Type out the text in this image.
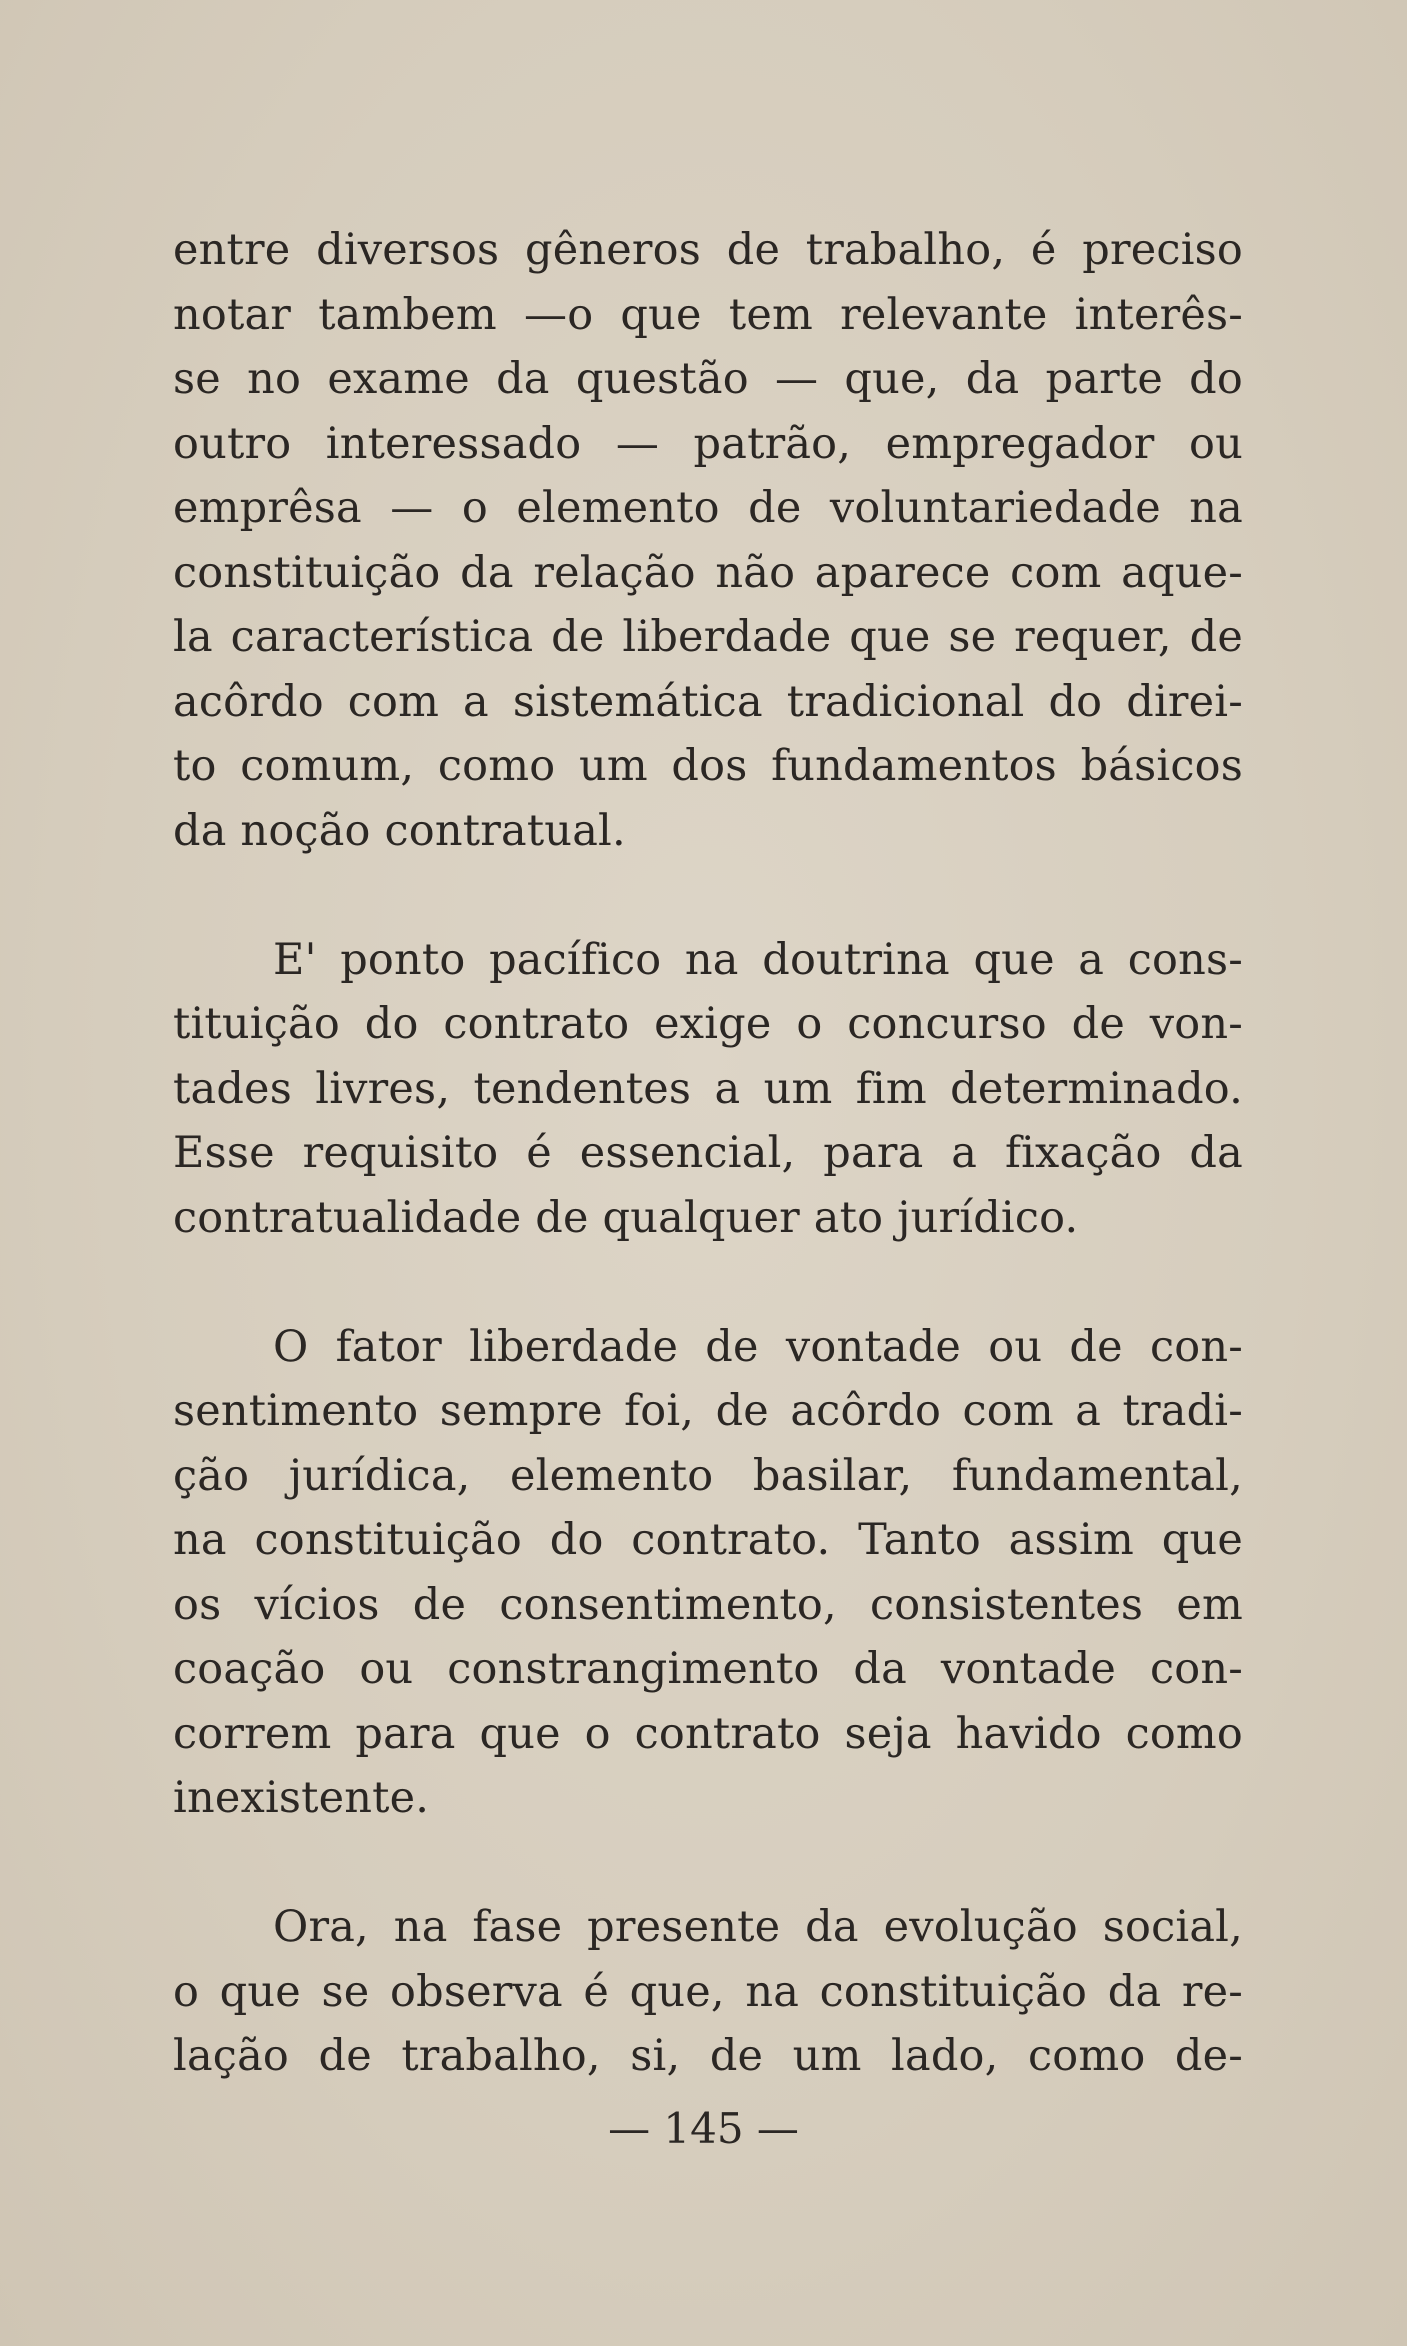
entre diversos gêneros de trabalho, é preciso
notar tambem —o que tem relevante interês-
se no exame da questão — que, da parte do
outro interessado — patrão, empregador ou
emprêsa — o elemento de voluntariedade na
constituição da relação não aparece com aque-
la característica de liberdade que se requer, de
acôrdo com a sistemática tradicional do direi-
to comum, como um dos fundamentos básicos
da noção contratual.

E' ponto pacífico na doutrina que a cons-
tituição do contrato exige o concurso de von-
tades livres, tendentes a um fim determinado.
Esse requisito é essencial, para a fixação da
contratualidade de qualquer ato jurídico.

O fator liberdade de vontade ou de con-
sentimento sempre foi, de acôrdo com a tradi-
ção jurídica, elemento basilar, fundamental,
na constituição do contrato. Tanto assim que
os vícios de consentimento, consistentes em
coação ou constrangimento da vontade con-
correm para que o contrato seja havido como
inexistente.

Ora, na fase presente da evolução social,
o que se observa é que, na constituição da re-
lação de trabalho, si, de um lado, como de-

— 145 —
